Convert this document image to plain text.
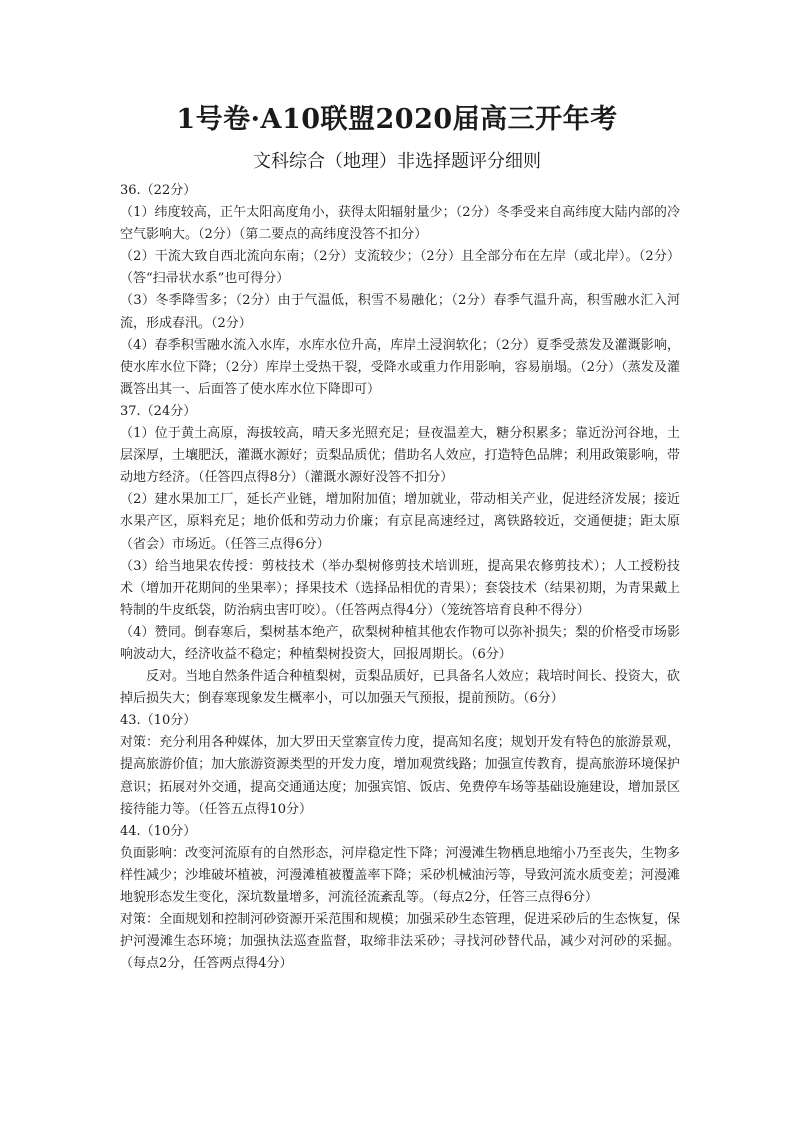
1号卷·A10联盟2020届高三开年考
文科综合（地理）非选择题评分细则

36.（22分）

（1）纬度较高，正午太阳高度角小，获得太阳辐射量少；（2分）冬季受来自高纬度大陆内部的冷空气影响大。（2分）（第二要点的高纬度没答不扣分）

（2）干流大致自西北流向东南；（2分）支流较少；（2分）且全部分布在左岸（或北岸）。（2分）（答“扫帚状水系”也可得分）

（3）冬季降雪多；（2分）由于气温低，积雪不易融化；（2分）春季气温升高，积雪融水汇入河流，形成春汛。（2分）

（4）春季积雪融水流入水库，水库水位升高，库岸土浸润软化；（2分）夏季受蒸发及灌溉影响，使水库水位下降；（2分）库岸土受热干裂，受降水或重力作用影响，容易崩塌。（2分）（蒸发及灌溉答出其一、后面答了使水库水位下降即可）

37.（24分）

（1）位于黄土高原，海拔较高，晴天多光照充足；昼夜温差大，糖分积累多；靠近汾河谷地，土层深厚，土壤肥沃，灌溉水源好；贡梨品质优；借助名人效应，打造特色品牌；利用政策影响，带动地方经济。（任答四点得8分）（灌溉水源好没答不扣分）

（2）建水果加工厂，延长产业链，增加附加值；增加就业，带动相关产业，促进经济发展；接近水果产区，原料充足；地价低和劳动力价廉；有京昆高速经过，离铁路较近，交通便捷；距太原（省会）市场近。（任答三点得6分）

（3）给当地果农传授：剪枝技术（举办梨树修剪技术培训班，提高果农修剪技术）；人工授粉技术（增加开花期间的坐果率）；择果技术（选择品相优的青果）；套袋技术（结果初期，为青果戴上特制的牛皮纸袋，防治病虫害叮咬）。（任答两点得4分）（笼统答培育良种不得分）

（4）赞同。倒春寒后，梨树基本绝产，砍梨树种植其他农作物可以弥补损失；梨的价格受市场影响波动大，经济收益不稳定；种植梨树投资大，回报周期长。（6分）

反对。当地自然条件适合种植梨树，贡梨品质好，已具备名人效应；栽培时间长、投资大，砍掉后损失大；倒春寒现象发生概率小，可以加强天气预报，提前预防。（6分）

43.（10分）

对策：充分利用各种媒体，加大罗田天堂寨宣传力度，提高知名度；规划开发有特色的旅游景观，提高旅游价值；加大旅游资源类型的开发力度，增加观赏线路；加强宣传教育，提高旅游环境保护意识；拓展对外交通，提高交通通达度；加强宾馆、饭店、免费停车场等基础设施建设，增加景区接待能力等。（任答五点得10分）

44.（10分）

负面影响：改变河流原有的自然形态，河岸稳定性下降；河漫滩生物栖息地缩小乃至丧失，生物多样性减少；沙堆破坏植被，河漫滩植被覆盖率下降；采砂机械油污等，导致河流水质变差；河漫滩地貌形态发生变化，深坑数量增多，河流径流紊乱等。（每点2分，任答三点得6分）

对策：全面规划和控制河砂资源开采范围和规模；加强采砂生态管理，促进采砂后的生态恢复，保护河漫滩生态环境；加强执法巡查监督，取缔非法采砂；寻找河砂替代品，减少对河砂的采掘。（每点2分，任答两点得4分）
